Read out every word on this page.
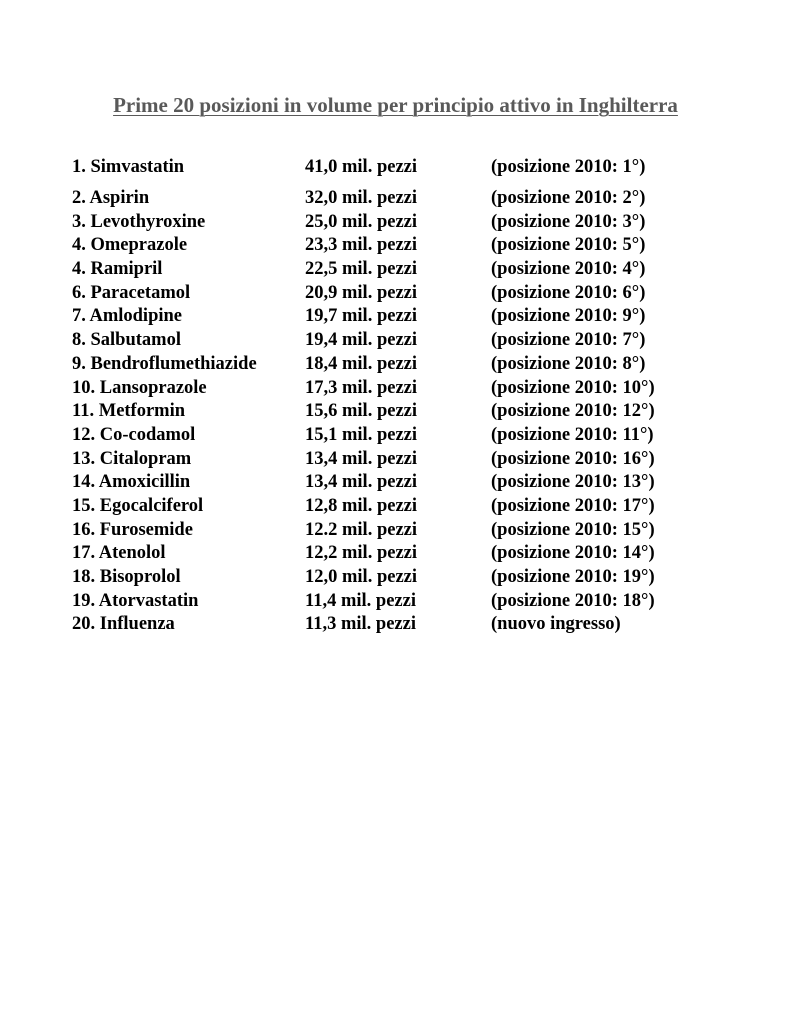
Prime 20 posizioni in volume per principio attivo in Inghilterra
1. Simvastatin	41,0 mil. pezzi	(posizione 2010: 1°)
2. Aspirin	32,0 mil. pezzi	(posizione 2010: 2°)
3. Levothyroxine	25,0 mil. pezzi	(posizione 2010: 3°)
4. Omeprazole	23,3 mil. pezzi	(posizione 2010: 5°)
4. Ramipril	22,5 mil. pezzi	(posizione 2010: 4°)
6. Paracetamol	20,9 mil. pezzi	(posizione 2010: 6°)
7. Amlodipine	19,7 mil. pezzi	(posizione 2010: 9°)
8. Salbutamol	19,4 mil. pezzi	(posizione 2010: 7°)
9. Bendroflumethiazide	18,4 mil. pezzi	(posizione 2010: 8°)
10. Lansoprazole	17,3 mil. pezzi	(posizione 2010: 10°)
11. Metformin	15,6 mil. pezzi	(posizione 2010: 12°)
12. Co-codamol	15,1 mil. pezzi	(posizione 2010: 11°)
13. Citalopram	13,4 mil. pezzi	(posizione 2010: 16°)
14. Amoxicillin	13,4 mil. pezzi	(posizione 2010: 13°)
15. Egocalciferol	12,8 mil. pezzi	(posizione 2010: 17°)
16. Furosemide	12.2 mil. pezzi	(posizione 2010: 15°)
17. Atenolol	12,2 mil. pezzi	(posizione 2010: 14°)
18. Bisoprolol	12,0 mil. pezzi	(posizione 2010: 19°)
19. Atorvastatin	11,4 mil. pezzi	(posizione 2010: 18°)
20. Influenza	11,3 mil. pezzi	(nuovo ingresso)
